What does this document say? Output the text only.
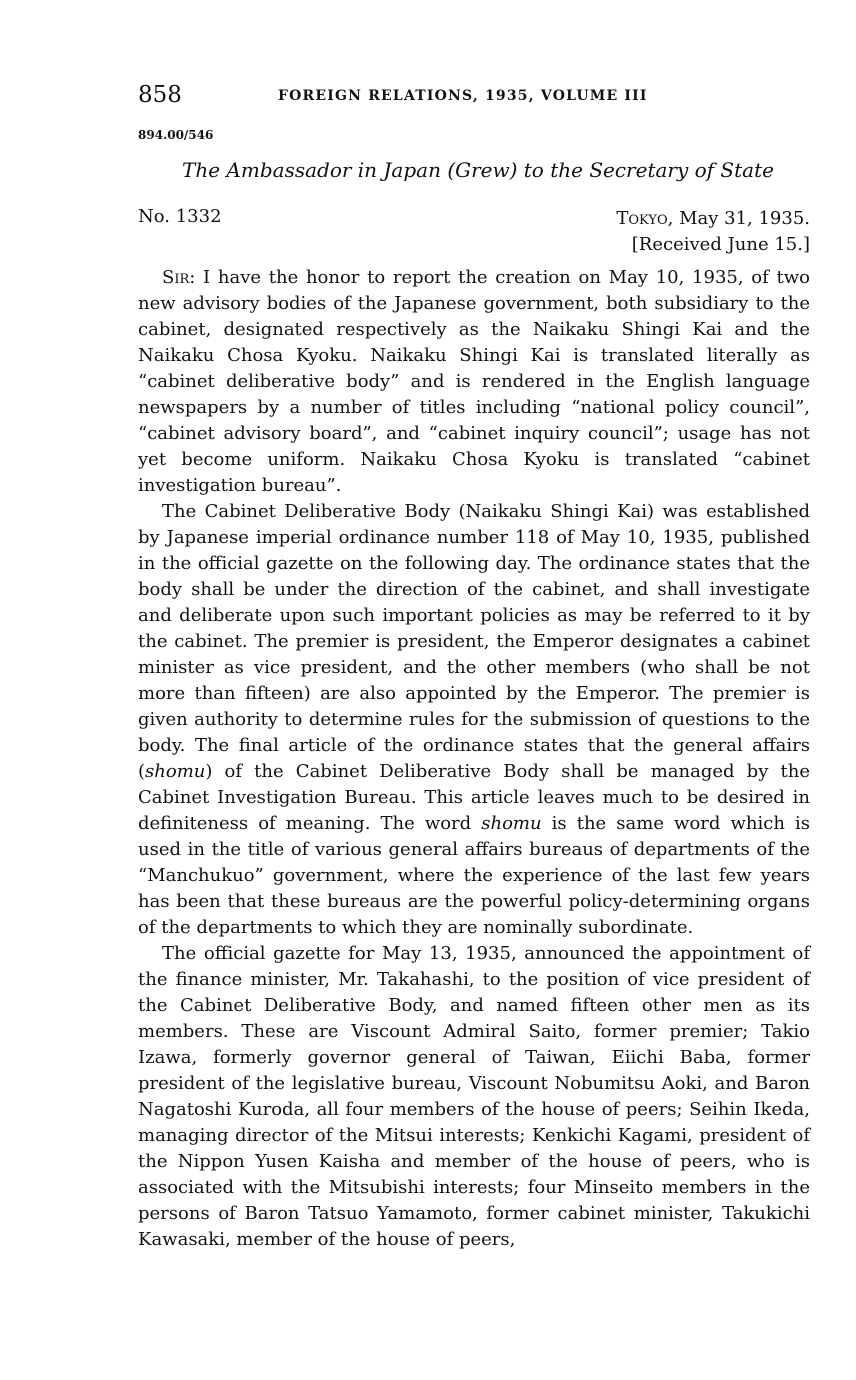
858	FOREIGN RELATIONS, 1935, VOLUME III
894.00/546
The Ambassador in Japan (Grew) to the Secretary of State
No. 1332	Tokyo, May 31, 1935.
[Received June 15.]

Sir: I have the honor to report the creation on May 10, 1935, of two new advisory bodies of the Japanese government, both subsidiary to the cabinet, designated respectively as the Naikaku Shingi Kai and the Naikaku Chosa Kyoku. Naikaku Shingi Kai is translated literally as “cabinet deliberative body” and is rendered in the English language newspapers by a number of titles including “national policy council”, “cabinet advisory board”, and “cabinet inquiry council”; usage has not yet become uniform. Naikaku Chosa Kyoku is translated “cabinet investigation bureau”.

The Cabinet Deliberative Body (Naikaku Shingi Kai) was established by Japanese imperial ordinance number 118 of May 10, 1935, published in the official gazette on the following day. The ordinance states that the body shall be under the direction of the cabinet, and shall investigate and deliberate upon such important policies as may be referred to it by the cabinet. The premier is president, the Emperor designates a cabinet minister as vice president, and the other members (who shall be not more than fifteen) are also appointed by the Emperor. The premier is given authority to determine rules for the submission of questions to the body. The final article of the ordinance states that the general affairs (shomu) of the Cabinet Deliberative Body shall be managed by the Cabinet Investigation Bureau. This article leaves much to be desired in definiteness of meaning. The word shomu is the same word which is used in the title of various general affairs bureaus of departments of the “Manchukuo” government, where the experience of the last few years has been that these bureaus are the powerful policy-determining organs of the departments to which they are nominally subordinate.

The official gazette for May 13, 1935, announced the appointment of the finance minister, Mr. Takahashi, to the position of vice president of the Cabinet Deliberative Body, and named fifteen other men as its members. These are Viscount Admiral Saito, former premier; Takio Izawa, formerly governor general of Taiwan, Eiichi Baba, former president of the legislative bureau, Viscount Nobumitsu Aoki, and Baron Nagatoshi Kuroda, all four members of the house of peers; Seihin Ikeda, managing director of the Mitsui interests; Kenkichi Kagami, president of the Nippon Yusen Kaisha and member of the house of peers, who is associated with the Mitsubishi interests; four Minseito members in the persons of Baron Tatsuo Yamamoto, former cabinet minister, Takukichi Kawasaki, member of the house of peers,
